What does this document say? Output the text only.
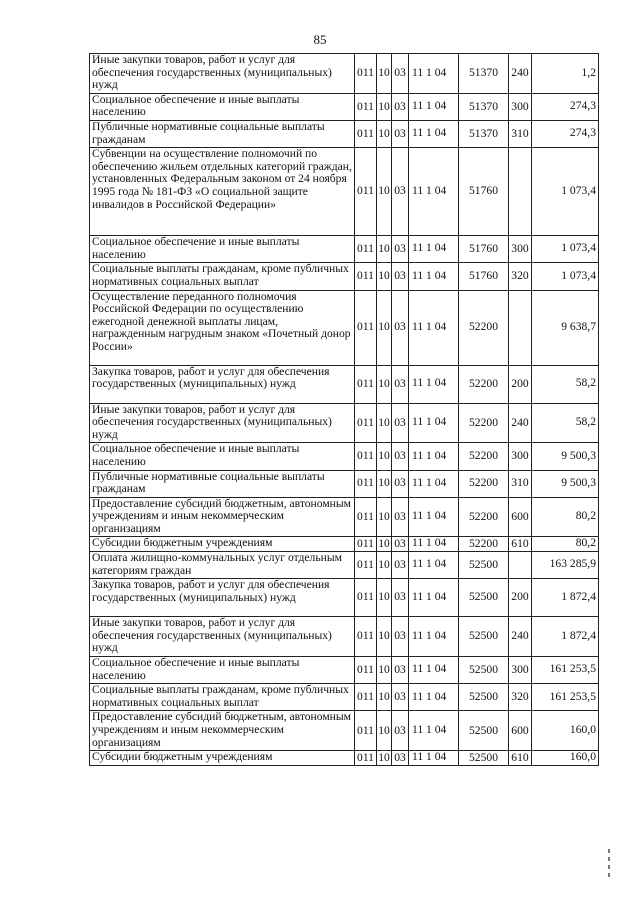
85
Иные закупки товаров, работ и услуг для обеспечения государственных (муниципальных) нужд	011	10	03	11 1 04	51370	240	1,2
Социальное обеспечение и иные выплаты населению	011	10	03	11 1 04	51370	300	274,3
Публичные нормативные социальные выплаты гражданам	011	10	03	11 1 04	51370	310	274,3
Субвенции на осуществление полномочий по обеспечению жильем отдельных категорий граждан, установленных Федеральным законом от 24 ноября 1995 года № 181-ФЗ «О социальной защите инвалидов в Российской Федерации»	011	10	03	11 1 04	51760		1 073,4
Социальное обеспечение и иные выплаты населению	011	10	03	11 1 04	51760	300	1 073,4
Социальные выплаты гражданам, кроме публичных нормативных социальных выплат	011	10	03	11 1 04	51760	320	1 073,4
Осуществление переданного полномочия Российской Федерации по осуществлению ежегодной денежной выплаты лицам, награжденным нагрудным знаком «Почетный донор России»	011	10	03	11 1 04	52200		9 638,7
Закупка товаров, работ и услуг для обеспечения государственных (муниципальных) нужд	011	10	03	11 1 04	52200	200	58,2
Иные закупки товаров, работ и услуг для обеспечения государственных (муниципальных) нужд	011	10	03	11 1 04	52200	240	58,2
Социальное обеспечение и иные выплаты населению	011	10	03	11 1 04	52200	300	9 500,3
Публичные нормативные социальные выплаты гражданам	011	10	03	11 1 04	52200	310	9 500,3
Предоставление субсидий бюджетным, автономным учреждениям и иным некоммерческим организациям	011	10	03	11 1 04	52200	600	80,2
Субсидии бюджетным учреждениям	011	10	03	11 1 04	52200	610	80,2
Оплата жилищно-коммунальных услуг отдельным категориям граждан	011	10	03	11 1 04	52500		163 285,9
Закупка товаров, работ и услуг для обеспечения государственных (муниципальных) нужд	011	10	03	11 1 04	52500	200	1 872,4
Иные закупки товаров, работ и услуг для обеспечения государственных (муниципальных) нужд	011	10	03	11 1 04	52500	240	1 872,4
Социальное обеспечение и иные выплаты населению	011	10	03	11 1 04	52500	300	161 253,5
Социальные выплаты гражданам, кроме публичных нормативных социальных выплат	011	10	03	11 1 04	52500	320	161 253,5
Предоставление субсидий бюджетным, автономным учреждениям и иным некоммерческим организациям	011	10	03	11 1 04	52500	600	160,0
Субсидии бюджетным учреждениям	011	10	03	11 1 04	52500	610	160,0
